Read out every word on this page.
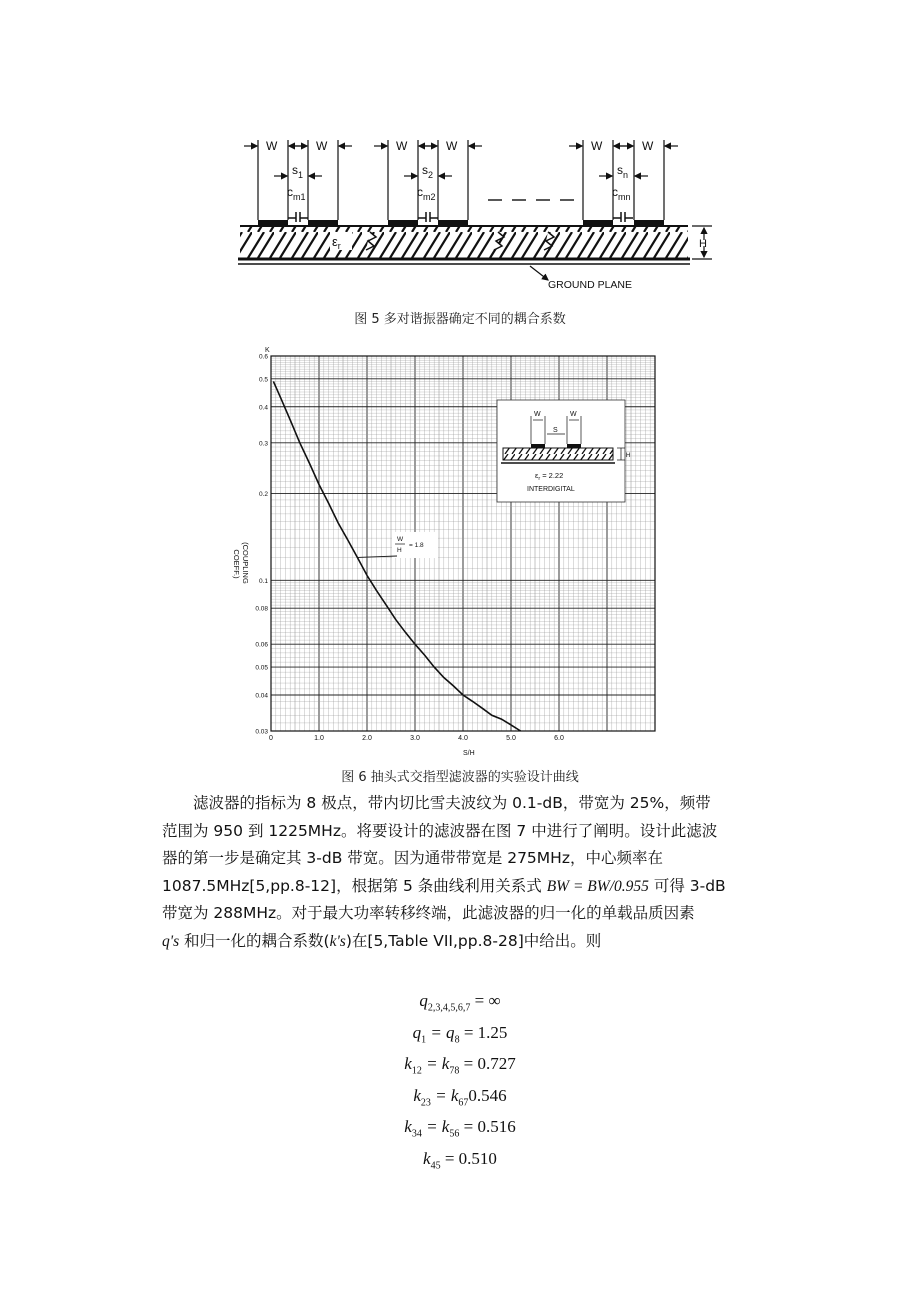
W	W	W	W	W	W
$s_1$	$s_2$	$s_n$
$c_{m1}$	$c_{m2}$	$c_{mn}$
$\varepsilon_r$	H
GROUND PLANE
图 5 多对谐振器确定不同的耦合系数
0	1.0	2.0	3.0	4.0	5.0	6.0
0.6
0.5
0.4
0.3
0.2
0.1
0.08
0.06
0.05
0.04
0.03
K
S/H
(COUPLING COEFF.)
W	W
S
H
$\varepsilon_r = 2.22$
INTERDIGITAL
W
H
= 1.8
图 6 抽头式交指型滤波器的实验设计曲线

滤波器的指标为 8 极点，带内切比雪夫波纹为 0.1-dB，带宽为 25%，频带

范围为 950 到 1225MHz。将要设计的滤波器在图 7 中进行了阐明。设计此滤波

器的第一步是确定其 3-dB 带宽。因为通带带宽是 275MHz，中心频率在

1087.5MHz[5,pp.8-12]，根据第 5 条曲线利用关系式 BW = BW/0.955 可得 3-dB

带宽为 288MHz。对于最大功率转移终端，此滤波器的归一化的单载品质因素

q's 和归一化的耦合系数(k's)在[5,Table VII,pp.8-28]中给出。则

$q_{2,3,4,5,6,7}$ = ∞
$q_1 = q_8 = 1.25$
$k_{12} = k_{78} = 0.727$
$k_{23} = k_{67}0.546$
$k_{34} = k_{56} = 0.516$
$k_{45} = 0.510$
